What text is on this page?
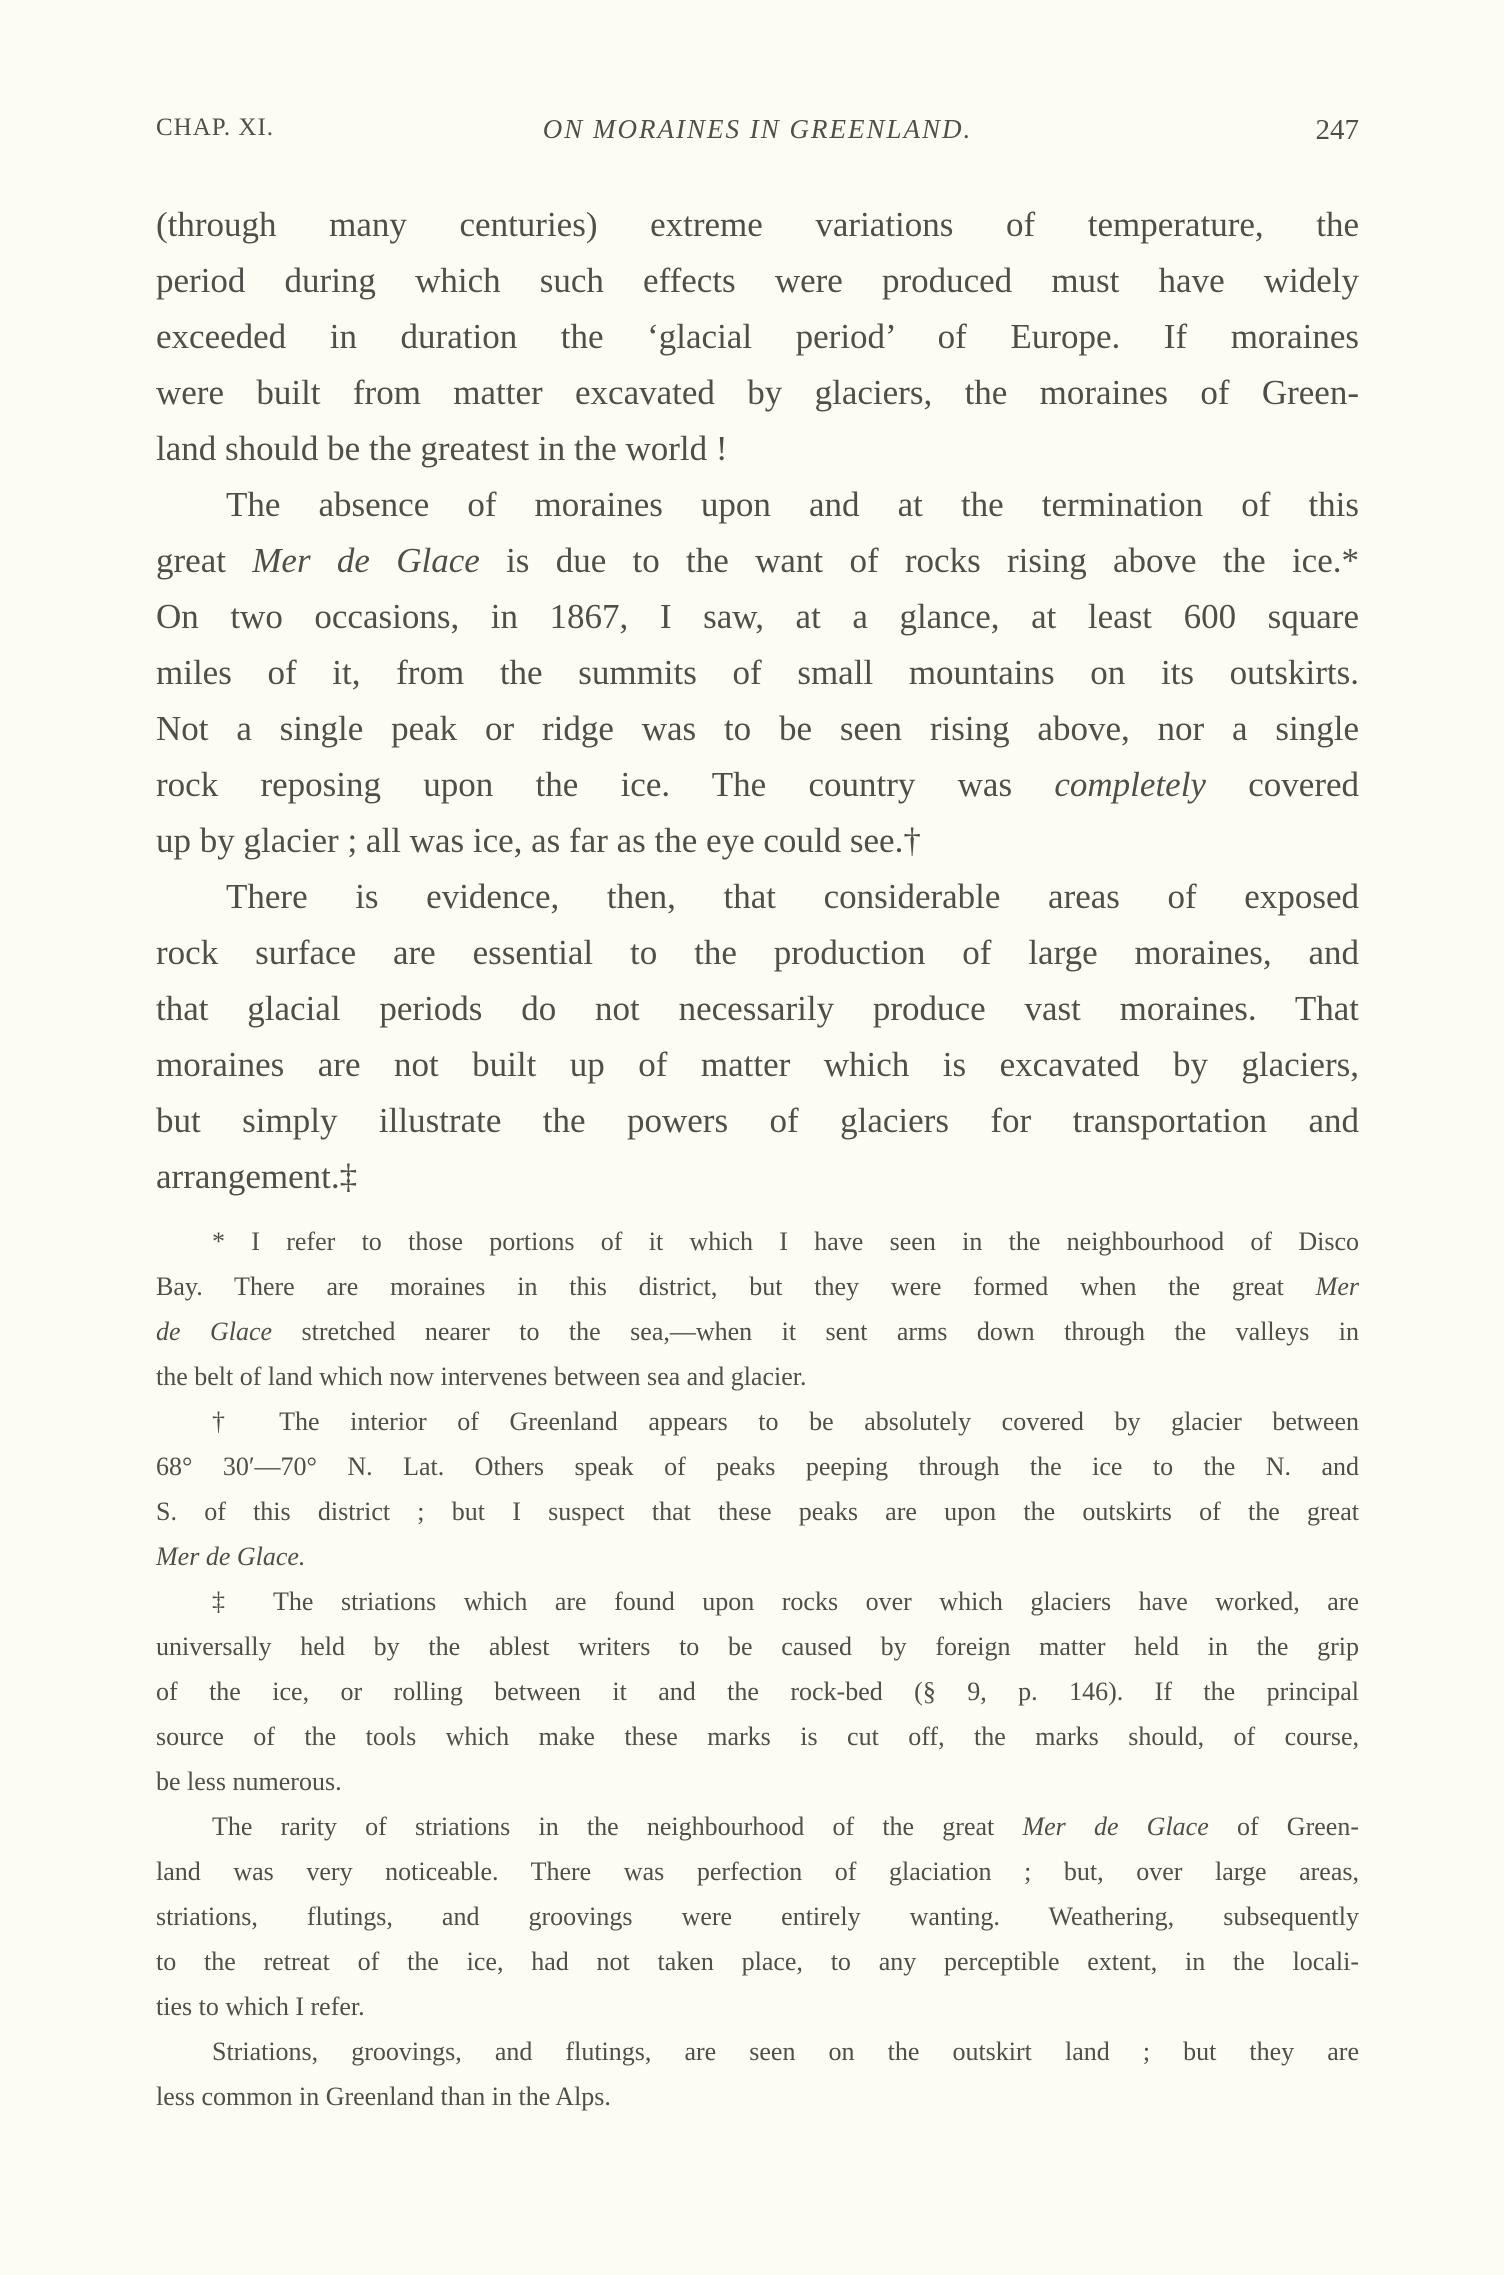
CHAP. XI.	ON MORAINES IN GREENLAND.	247
(through many centuries) extreme variations of temperature, the
period during which such effects were produced must have widely
exceeded in duration the ‘glacial period’ of Europe. If moraines
were built from matter excavated by glaciers, the moraines of Green-
land should be the greatest in the world !
The absence of moraines upon and at the termination of this
great Mer de Glace is due to the want of rocks rising above the ice.*
On two occasions, in 1867, I saw, at a glance, at least 600 square
miles of it, from the summits of small mountains on its outskirts.
Not a single peak or ridge was to be seen rising above, nor a single
rock reposing upon the ice. The country was completely covered
up by glacier ; all was ice, as far as the eye could see.†
There is evidence, then, that considerable areas of exposed
rock surface are essential to the production of large moraines, and
that glacial periods do not necessarily produce vast moraines. That
moraines are not built up of matter which is excavated by glaciers,
but simply illustrate the powers of glaciers for transportation and
arrangement.‡
* I refer to those portions of it which I have seen in the neighbourhood of Disco
Bay. There are moraines in this district, but they were formed when the great Mer
de Glace stretched nearer to the sea,—when it sent arms down through the valleys in
the belt of land which now intervenes between sea and glacier.
† The interior of Greenland appears to be absolutely covered by glacier between
68° 30′—70° N. Lat. Others speak of peaks peeping through the ice to the N. and
S. of this district ; but I suspect that these peaks are upon the outskirts of the great
Mer de Glace.
‡ The striations which are found upon rocks over which glaciers have worked, are
universally held by the ablest writers to be caused by foreign matter held in the grip
of the ice, or rolling between it and the rock-bed (§ 9, p. 146). If the principal
source of the tools which make these marks is cut off, the marks should, of course,
be less numerous.
The rarity of striations in the neighbourhood of the great Mer de Glace of Green-
land was very noticeable. There was perfection of glaciation ; but, over large areas,
striations, flutings, and groovings were entirely wanting. Weathering, subsequently
to the retreat of the ice, had not taken place, to any perceptible extent, in the locali-
ties to which I refer.
Striations, groovings, and flutings, are seen on the outskirt land ; but they are
less common in Greenland than in the Alps.
